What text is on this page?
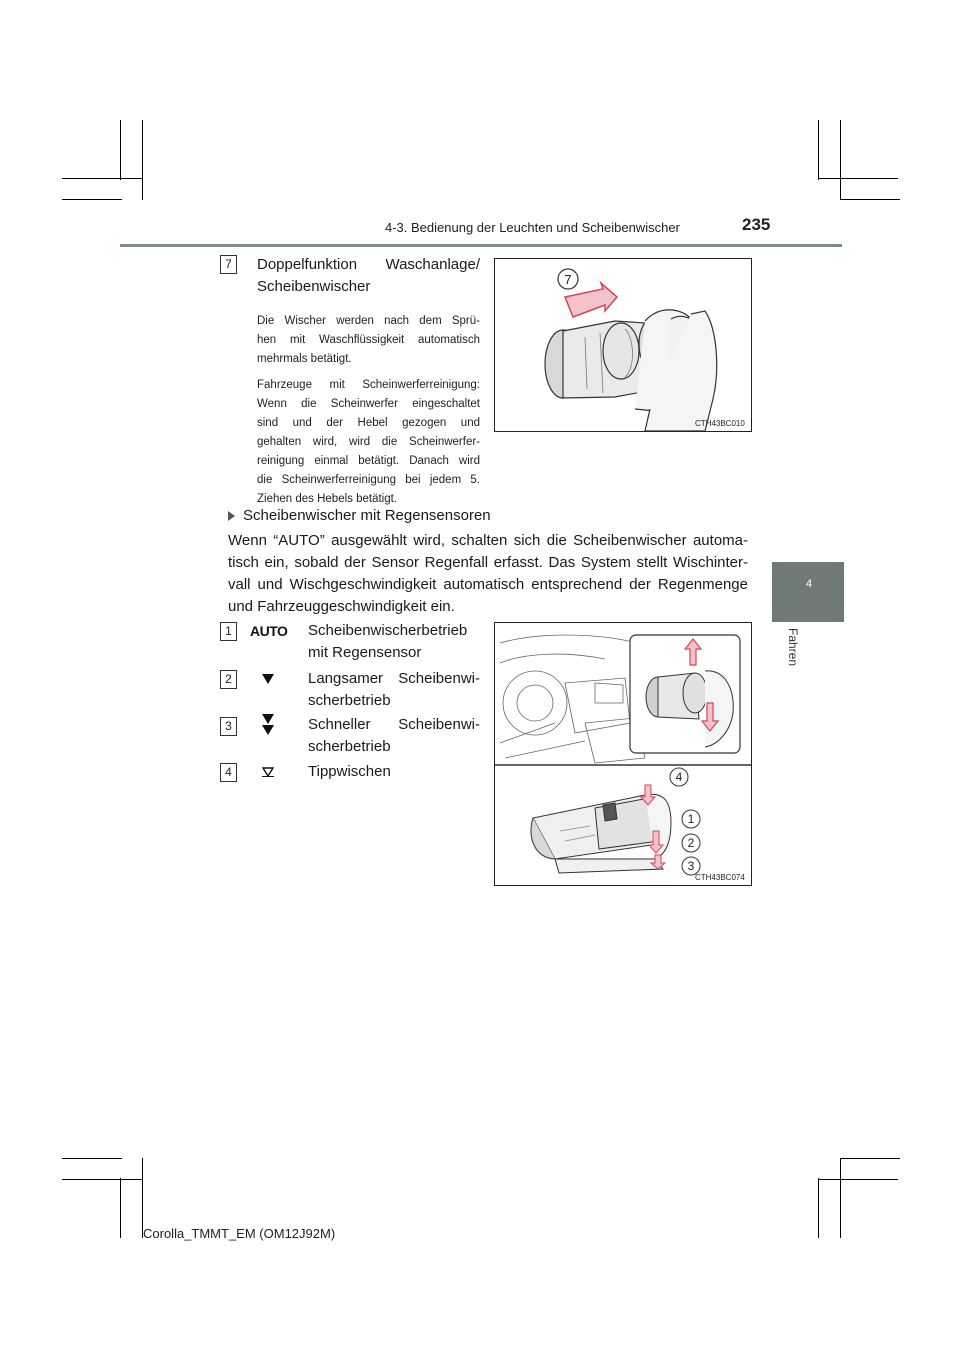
4-3. Bedienung der Leuchten und Scheibenwischer	235
4
Fahren
7	Doppelfunktion Waschanlage/
Scheibenwischer
Die Wischer werden nach dem Sprü-
hen mit Waschflüssigkeit automatisch
mehrmals betätigt.
Fahrzeuge mit Scheinwerferreinigung:
Wenn die Scheinwerfer eingeschaltet
sind und der Hebel gezogen und
gehalten wird, wird die Scheinwerfer-
reinigung einmal betätigt. Danach wird
die Scheinwerferreinigung bei jedem 5.
Ziehen des Hebels betätigt.
7
CTH43BC010
Scheibenwischer mit Regensensoren
Wenn “AUTO” ausgewählt wird, schalten sich die Scheibenwischer automa-
tisch ein, sobald der Sensor Regenfall erfasst. Das System stellt Wischinter-
vall und Wischgeschwindigkeit automatisch entsprechend der Regenmenge
und Fahrzeuggeschwindigkeit ein.
1	AUTO Scheibenwischerbetrieb
mit Regensensor
2	Langsamer Scheibenwi-
scherbetrieb
3	Schneller Scheibenwi-
scherbetrieb
4	Tippwischen	4
1
2
3
CTH43BC074
Corolla_TMMT_EM (OM12J92M)
